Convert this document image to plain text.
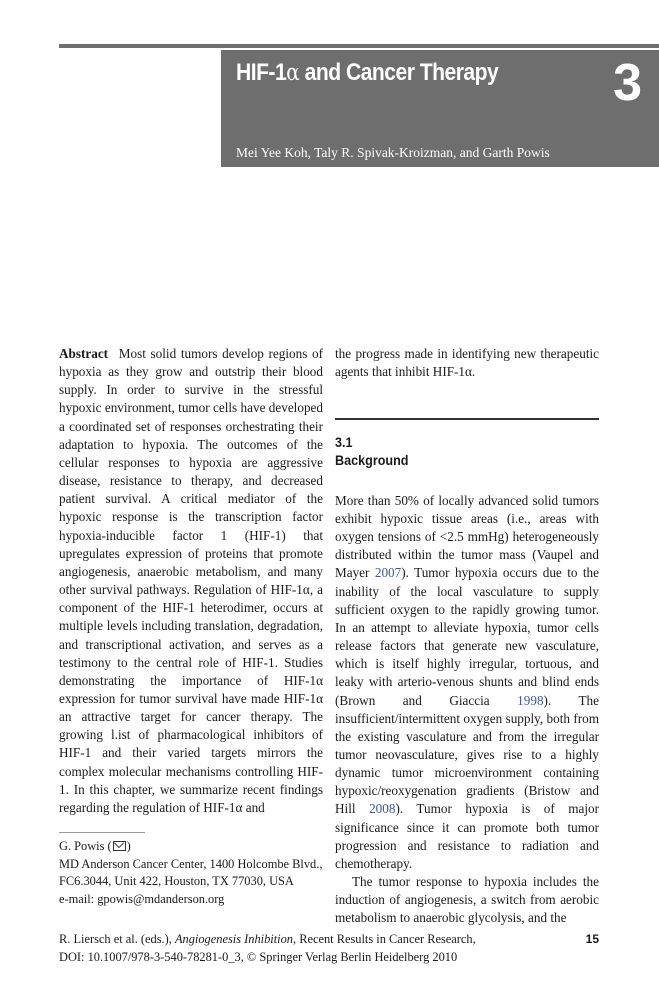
HIF-1α and Cancer Therapy 3
Mei Yee Koh, Taly R. Spivak-Kroizman, and Garth Powis

Abstract Most solid tumors develop regions of hypoxia as they grow and outstrip their blood supply. In order to survive in the stressful hypoxic environment, tumor cells have developed a coordinated set of responses orchestrating their adaptation to hypoxia. The outcomes of the cellular responses to hypoxia are aggressive disease, resistance to therapy, and decreased patient survival. A critical mediator of the hypoxic response is the transcription factor hypoxia-inducible factor 1 (HIF-1) that upregulates expression of proteins that promote angiogenesis, anaerobic metabolism, and many other survival pathways. Regulation of HIF-1α, a component of the HIF-1 heterodimer, occurs at multiple levels including translation, degradation, and transcriptional activation, and serves as a testimony to the central role of HIF-1. Studies demonstrating the importance of HIF-1α expression for tumor survival have made HIF-1α an attractive target for cancer therapy. The growing l.ist of pharmacological inhibitors of HIF-1 and their varied targets mirrors the complex molecular mechanisms controlling HIF-1. In this chapter, we summarize recent findings regarding the regulation of HIF-1α and

the progress made in identifying new therapeutic agents that inhibit HIF-1α.

3.1
Background

More than 50% of locally advanced solid tumors exhibit hypoxic tissue areas (i.e., areas with oxygen tensions of <2.5 mmHg) heterogeneously distributed within the tumor mass (Vaupel and Mayer 2007). Tumor hypoxia occurs due to the inability of the local vasculature to supply sufficient oxygen to the rapidly growing tumor. In an attempt to alleviate hypoxia, tumor cells release factors that generate new vasculature, which is itself highly irregular, tortuous, and leaky with arterio-venous shunts and blind ends (Brown and Giaccia 1998). The insufficient/intermittent oxygen supply, both from the existing vasculature and from the irregular tumor neovasculature, gives rise to a highly dynamic tumor microenvironment containing hypoxic/reoxygenation gradients (Bristow and Hill 2008). Tumor hypoxia is of major significance since it can promote both tumor progression and resistance to radiation and chemotherapy.

The tumor response to hypoxia includes the induction of angiogenesis, a switch from aerobic metabolism to anaerobic glycolysis, and the

G. Powis ( )
MD Anderson Cancer Center, 1400 Holcombe Blvd.,
FC6.3044, Unit 422, Houston, TX 77030, USA
e-mail: gpowis@mdanderson.org
R. Liersch et al. (eds.), Angiogenesis Inhibition, Recent Results in Cancer Research,
DOI: 10.1007/978-3-540-78281-0_3, © Springer Verlag Berlin Heidelberg 2010
15
